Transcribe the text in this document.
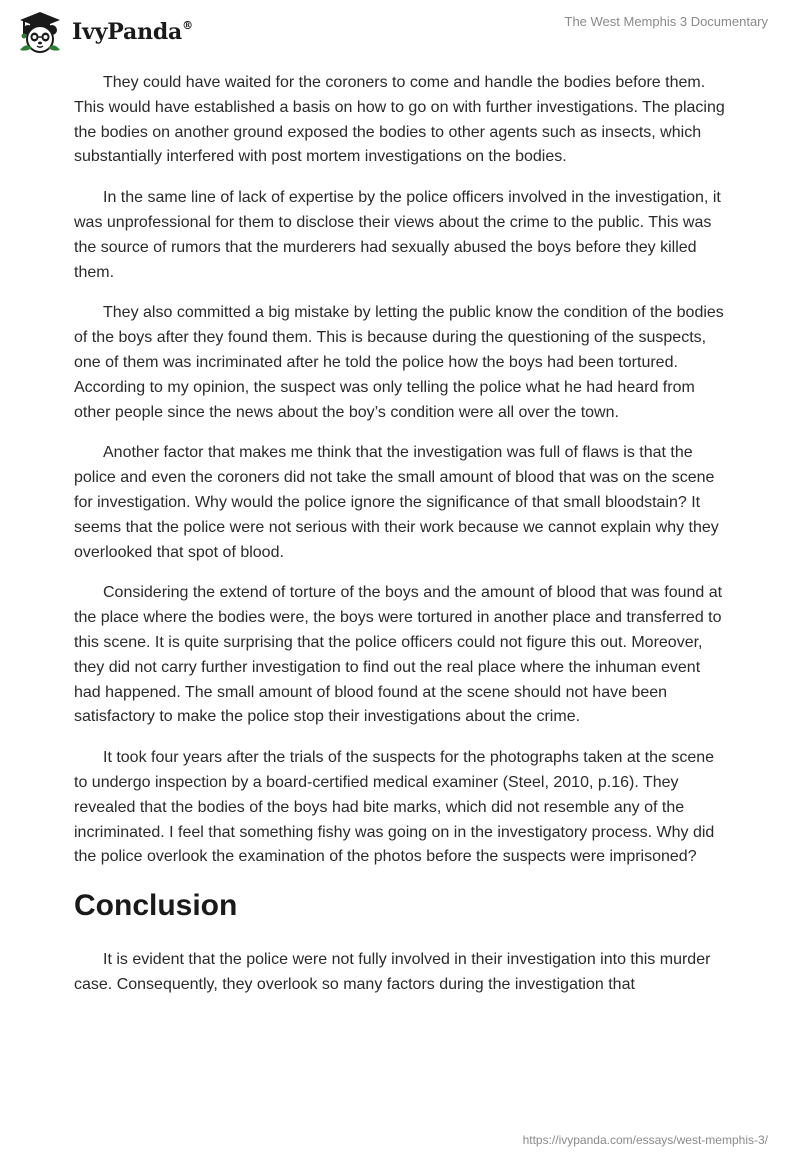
IvyPanda®	The West Memphis 3 Documentary

They could have waited for the coroners to come and handle the bodies before them. This would have established a basis on how to go on with further investigations. The placing the bodies on another ground exposed the bodies to other agents such as insects, which substantially interfered with post mortem investigations on the bodies.

In the same line of lack of expertise by the police officers involved in the investigation, it was unprofessional for them to disclose their views about the crime to the public. This was the source of rumors that the murderers had sexually abused the boys before they killed them.

They also committed a big mistake by letting the public know the condition of the bodies of the boys after they found them. This is because during the questioning of the suspects, one of them was incriminated after he told the police how the boys had been tortured. According to my opinion, the suspect was only telling the police what he had heard from other people since the news about the boy’s condition were all over the town.

Another factor that makes me think that the investigation was full of flaws is that the police and even the coroners did not take the small amount of blood that was on the scene for investigation. Why would the police ignore the significance of that small bloodstain? It seems that the police were not serious with their work because we cannot explain why they overlooked that spot of blood.

Considering the extend of torture of the boys and the amount of blood that was found at the place where the bodies were, the boys were tortured in another place and transferred to this scene. It is quite surprising that the police officers could not figure this out. Moreover, they did not carry further investigation to find out the real place where the inhuman event had happened. The small amount of blood found at the scene should not have been satisfactory to make the police stop their investigations about the crime.

It took four years after the trials of the suspects for the photographs taken at the scene to undergo inspection by a board-certified medical examiner (Steel, 2010, p.16). They revealed that the bodies of the boys had bite marks, which did not resemble any of the incriminated. I feel that something fishy was going on in the investigatory process. Why did the police overlook the examination of the photos before the suspects were imprisoned?

Conclusion

It is evident that the police were not fully involved in their investigation into this murder case. Consequently, they overlook so many factors during the investigation that

https://ivypanda.com/essays/west-memphis-3/
